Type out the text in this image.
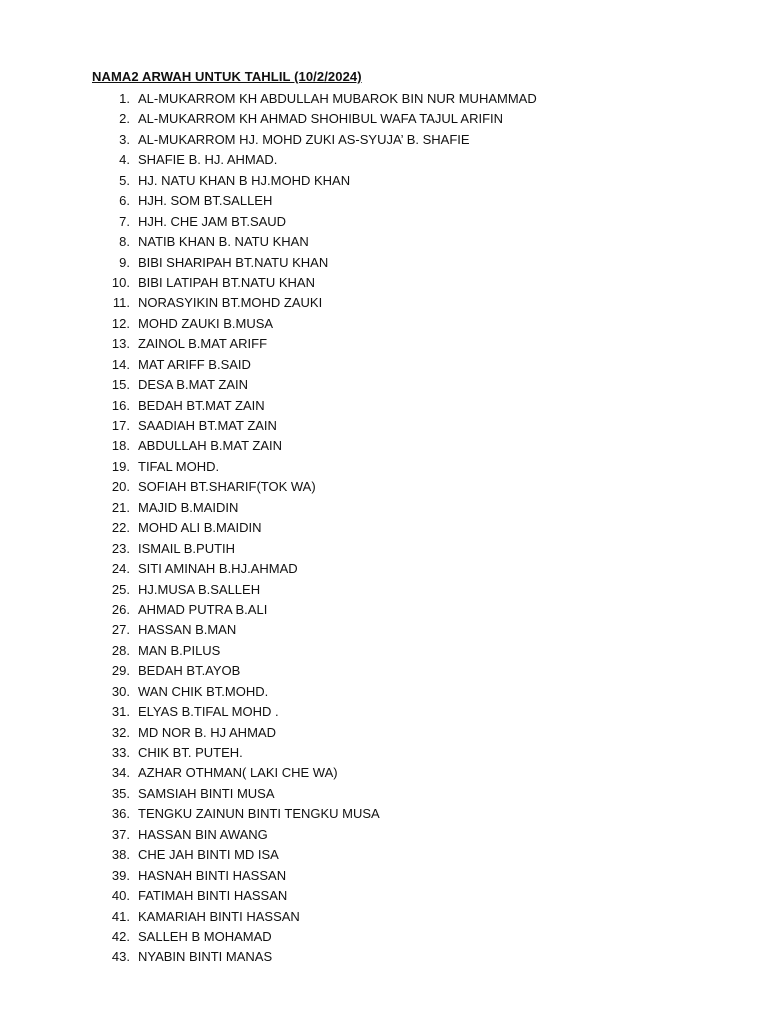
NAMA2 ARWAH UNTUK TAHLIL (10/2/2024)
1. AL-MUKARROM KH ABDULLAH MUBAROK BIN NUR MUHAMMAD
2. AL-MUKARROM KH AHMAD SHOHIBUL WAFA TAJUL ARIFIN
3. AL-MUKARROM HJ. MOHD ZUKI AS-SYUJA’ B. SHAFIE
4. SHAFIE B. HJ. AHMAD.
5. HJ. NATU KHAN B HJ.MOHD KHAN
6. HJH. SOM BT.SALLEH
7. HJH. CHE JAM BT.SAUD
8. NATIB KHAN B. NATU KHAN
9. BIBI SHARIPAH BT.NATU KHAN
10. BIBI LATIPAH BT.NATU KHAN
11. NORASYIKIN BT.MOHD ZAUKI
12. MOHD ZAUKI B.MUSA
13. ZAINOL B.MAT ARIFF
14. MAT ARIFF B.SAID
15. DESA B.MAT ZAIN
16. BEDAH BT.MAT ZAIN
17. SAADIAH BT.MAT ZAIN
18. ABDULLAH B.MAT ZAIN
19. TIFAL MOHD.
20. SOFIAH BT.SHARIF(TOK WA)
21. MAJID B.MAIDIN
22. MOHD ALI B.MAIDIN
23. ISMAIL B.PUTIH
24. SITI AMINAH B.HJ.AHMAD
25. HJ.MUSA B.SALLEH
26. AHMAD PUTRA B.ALI
27. HASSAN B.MAN
28. MAN B.PILUS
29. BEDAH BT.AYOB
30. WAN CHIK BT.MOHD.
31. ELYAS B.TIFAL MOHD .
32. MD NOR B. HJ AHMAD
33. CHIK BT. PUTEH.
34. AZHAR OTHMAN( LAKI CHE WA)
35. SAMSIAH BINTI MUSA
36. TENGKU ZAINUN BINTI TENGKU MUSA
37. HASSAN BIN AWANG
38. CHE JAH BINTI MD ISA
39. HASNAH BINTI HASSAN
40. FATIMAH BINTI HASSAN
41. KAMARIAH BINTI HASSAN
42. SALLEH B MOHAMAD
43. NYABIN BINTI MANAS
